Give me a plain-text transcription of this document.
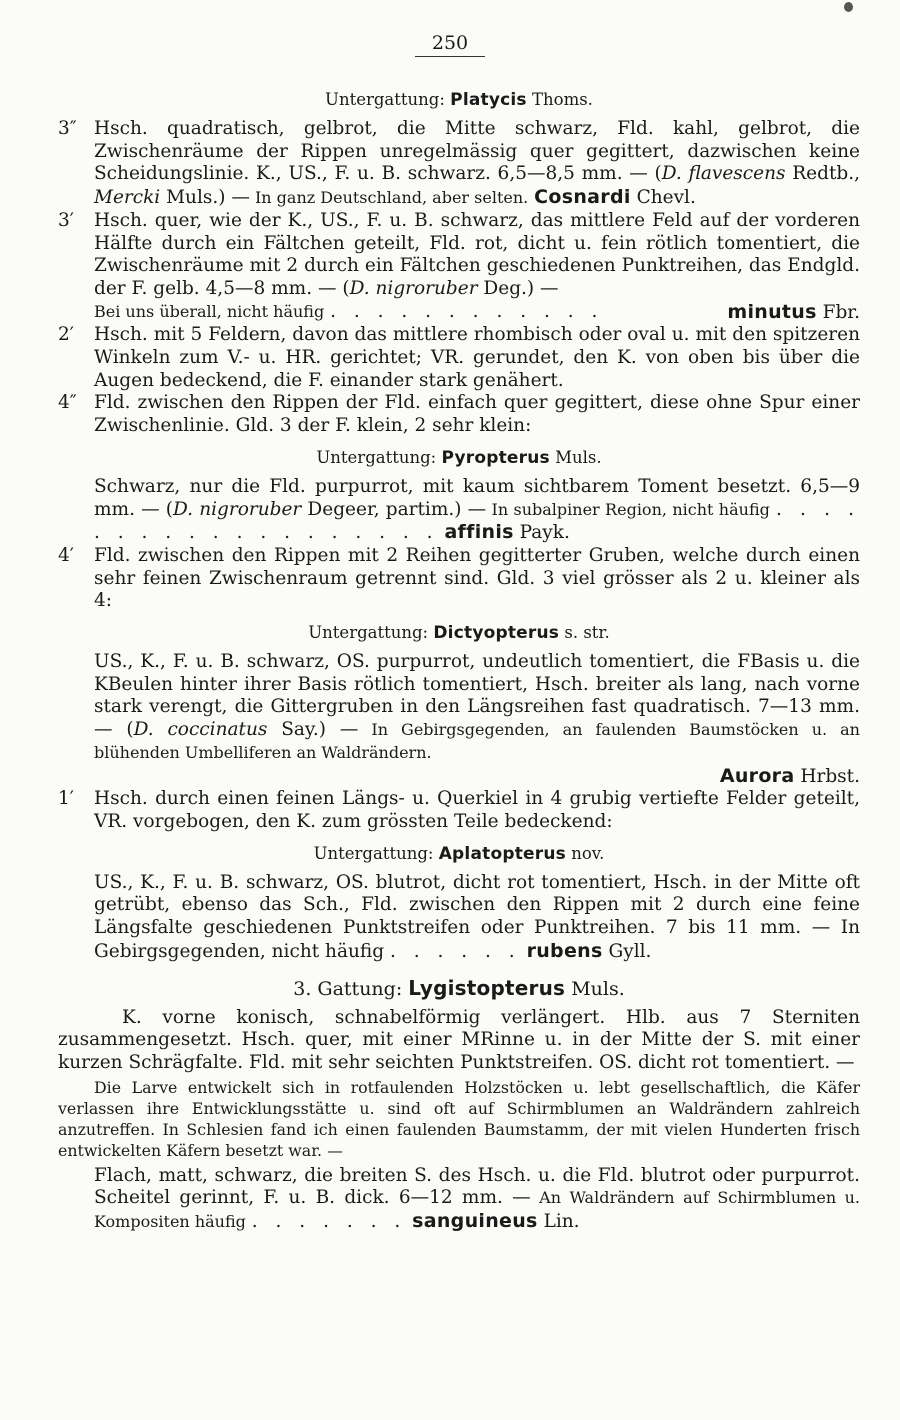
250
Untergattung: Platycis Thoms.

3″ Hsch. quadratisch, gelbrot, die Mitte schwarz, Fld. kahl, gelbrot, die Zwischenräume der Rippen unregelmässig quer gegittert, dazwischen keine Scheidungslinie. K., US., F. u. B. schwarz. 6,5—8,5 mm. — (D. flavescens Redtb., Mercki Muls.) — In ganz Deutschland, aber selten. Cosnardi Chevl.

3′	Hsch. quer, wie der K., US., F. u. B. schwarz, das mittlere Feld auf der vorderen Hälfte durch ein Fältchen geteilt, Fld. rot, dicht u. fein rötlich tomentiert, die Zwischenräume mit 2 durch ein Fältchen geschiedenen Punktreihen, das Endgld. der F. gelb. 4,5—8 mm. — (D. nigroruber Deg.) —

Bei uns überall, nicht häufig . . . . . . . . . . . .	minutus Fbr.

2′	Hsch. mit 5 Feldern, davon das mittlere rhombisch oder oval u. mit den spitzeren Winkeln zum V.- u. HR. gerichtet; VR. gerundet, den K. von oben bis über die Augen bedeckend, die F. einander stark genähert.

4″ Fld. zwischen den Rippen der Fld. einfach quer gegittert, diese ohne Spur einer Zwischenlinie. Gld. 3 der F. klein, 2 sehr klein:

Untergattung: Pyropterus Muls.

Schwarz, nur die Fld. purpurrot, mit kaum sichtbarem Toment besetzt. 6,5—9 mm. — (D. nigroruber Degeer, partim.) — In subalpiner Region, nicht häufig . . . . . . . . . . . . . . . . . . . affinis Payk.

4′	Fld. zwischen den Rippen mit 2 Reihen gegitterter Gruben, welche durch einen sehr feinen Zwischenraum getrennt sind. Gld. 3 viel grösser als 2 u. kleiner als 4:

Untergattung: Dictyopterus s. str.

US., K., F. u. B. schwarz, OS. purpurrot, undeutlich tomentiert, die FBasis u. die KBeulen hinter ihrer Basis rötlich tomentiert, Hsch. breiter als lang, nach vorne stark verengt, die Gittergruben in den Längsreihen fast quadratisch. 7—13 mm. — (D. coccinatus Say.) — In Gebirgsgegenden, an faulenden Baumstöcken u. an blühenden Umbelliferen an Waldrändern.

Aurora Hrbst.

1′	Hsch. durch einen feinen Längs- u. Querkiel in 4 grubig vertiefte Felder geteilt, VR. vorgebogen, den K. zum grössten Teile bedeckend:

Untergattung: Aplatopterus nov.

US., K., F. u. B. schwarz, OS. blutrot, dicht rot tomentiert, Hsch. in der Mitte oft getrübt, ebenso das Sch., Fld. zwischen den Rippen mit 2 durch eine feine Längsfalte geschiedenen Punktstreifen oder Punktreihen. 7 bis 11 mm. — In Gebirgsgegenden, nicht häufig . . . . . . rubens Gyll.

3. Gattung: Lygistopterus Muls.

K. vorne konisch, schnabelförmig verlängert. Hlb. aus 7 Sterniten zusammengesetzt. Hsch. quer, mit einer MRinne u. in der Mitte der S. mit einer kurzen Schrägfalte. Fld. mit sehr seichten Punktstreifen. OS. dicht rot tomentiert. —

Die Larve entwickelt sich in rotfaulenden Holzstöcken u. lebt gesellschaftlich, die Käfer verlassen ihre Entwicklungsstätte u. sind oft auf Schirmblumen an Waldrändern zahlreich anzutreffen. In Schlesien fand ich einen faulenden Baumstamm, der mit vielen Hunderten frisch entwickelten Käfern besetzt war. —

Flach, matt, schwarz, die breiten S. des Hsch. u. die Fld. blutrot oder purpurrot. Scheitel gerinnt, F. u. B. dick. 6—12 mm. — An Waldrändern auf Schirmblumen u. Kompositen häufig . . . . . . . sanguineus Lin.
